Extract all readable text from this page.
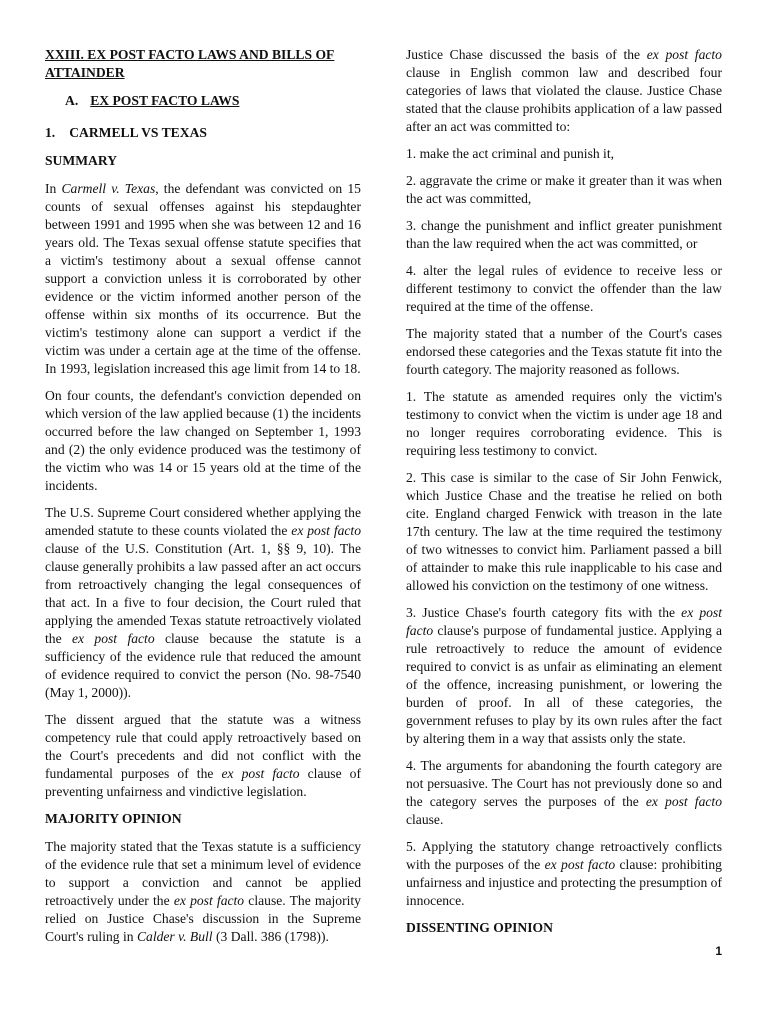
XXIII. EX POST FACTO LAWS AND BILLS OF ATTAINDER

A. EX POST FACTO LAWS

1. CARMELL VS TEXAS

SUMMARY

In Carmell v. Texas, the defendant was convicted on 15 counts of sexual offenses against his stepdaughter between 1991 and 1995 when she was between 12 and 16 years old. The Texas sexual offense statute specifies that a victim's testimony about a sexual offense cannot support a conviction unless it is corroborated by other evidence or the victim informed another person of the offense within six months of its occurrence. But the victim's testimony alone can support a verdict if the victim was under a certain age at the time of the offense. In 1993, legislation increased this age limit from 14 to 18.

On four counts, the defendant's conviction depended on which version of the law applied because (1) the incidents occurred before the law changed on September 1, 1993 and (2) the only evidence produced was the testimony of the victim who was 14 or 15 years old at the time of the incidents.

The U.S. Supreme Court considered whether applying the amended statute to these counts violated the ex post facto clause of the U.S. Constitution (Art. 1, §§ 9, 10). The clause generally prohibits a law passed after an act occurs from retroactively changing the legal consequences of that act. In a five to four decision, the Court ruled that applying the amended Texas statute retroactively violated the ex post facto clause because the statute is a sufficiency of the evidence rule that reduced the amount of evidence required to convict the person (No. 98-7540 (May 1, 2000)).

The dissent argued that the statute was a witness competency rule that could apply retroactively based on the Court's precedents and did not conflict with the fundamental purposes of the ex post facto clause of preventing unfairness and vindictive legislation.

MAJORITY OPINION

The majority stated that the Texas statute is a sufficiency of the evidence rule that set a minimum level of evidence to support a conviction and cannot be applied retroactively under the ex post facto clause. The majority relied on Justice Chase's discussion in the Supreme Court's ruling in Calder v. Bull (3 Dall. 386 (1798)).

Justice Chase discussed the basis of the ex post facto clause in English common law and described four categories of laws that violated the clause. Justice Chase stated that the clause prohibits application of a law passed after an act was committed to:

1. make the act criminal and punish it,

2. aggravate the crime or make it greater than it was when the act was committed,

3. change the punishment and inflict greater punishment than the law required when the act was committed, or

4. alter the legal rules of evidence to receive less or different testimony to convict the offender than the law required at the time of the offense.

The majority stated that a number of the Court's cases endorsed these categories and the Texas statute fit into the fourth category. The majority reasoned as follows.

1. The statute as amended requires only the victim's testimony to convict when the victim is under age 18 and no longer requires corroborating evidence. This is requiring less testimony to convict.

2. This case is similar to the case of Sir John Fenwick, which Justice Chase and the treatise he relied on both cite. England charged Fenwick with treason in the late 17th century. The law at the time required the testimony of two witnesses to convict him. Parliament passed a bill of attainder to make this rule inapplicable to his case and allowed his conviction on the testimony of one witness.

3. Justice Chase's fourth category fits with the ex post facto clause's purpose of fundamental justice. Applying a rule retroactively to reduce the amount of evidence required to convict is as unfair as eliminating an element of the offence, increasing punishment, or lowering the burden of proof. In all of these categories, the government refuses to play by its own rules after the fact by altering them in a way that assists only the state.

4. The arguments for abandoning the fourth category are not persuasive. The Court has not previously done so and the category serves the purposes of the ex post facto clause.

5. Applying the statutory change retroactively conflicts with the purposes of the ex post facto clause: prohibiting unfairness and injustice and protecting the presumption of innocence.

DISSENTING OPINION

1
